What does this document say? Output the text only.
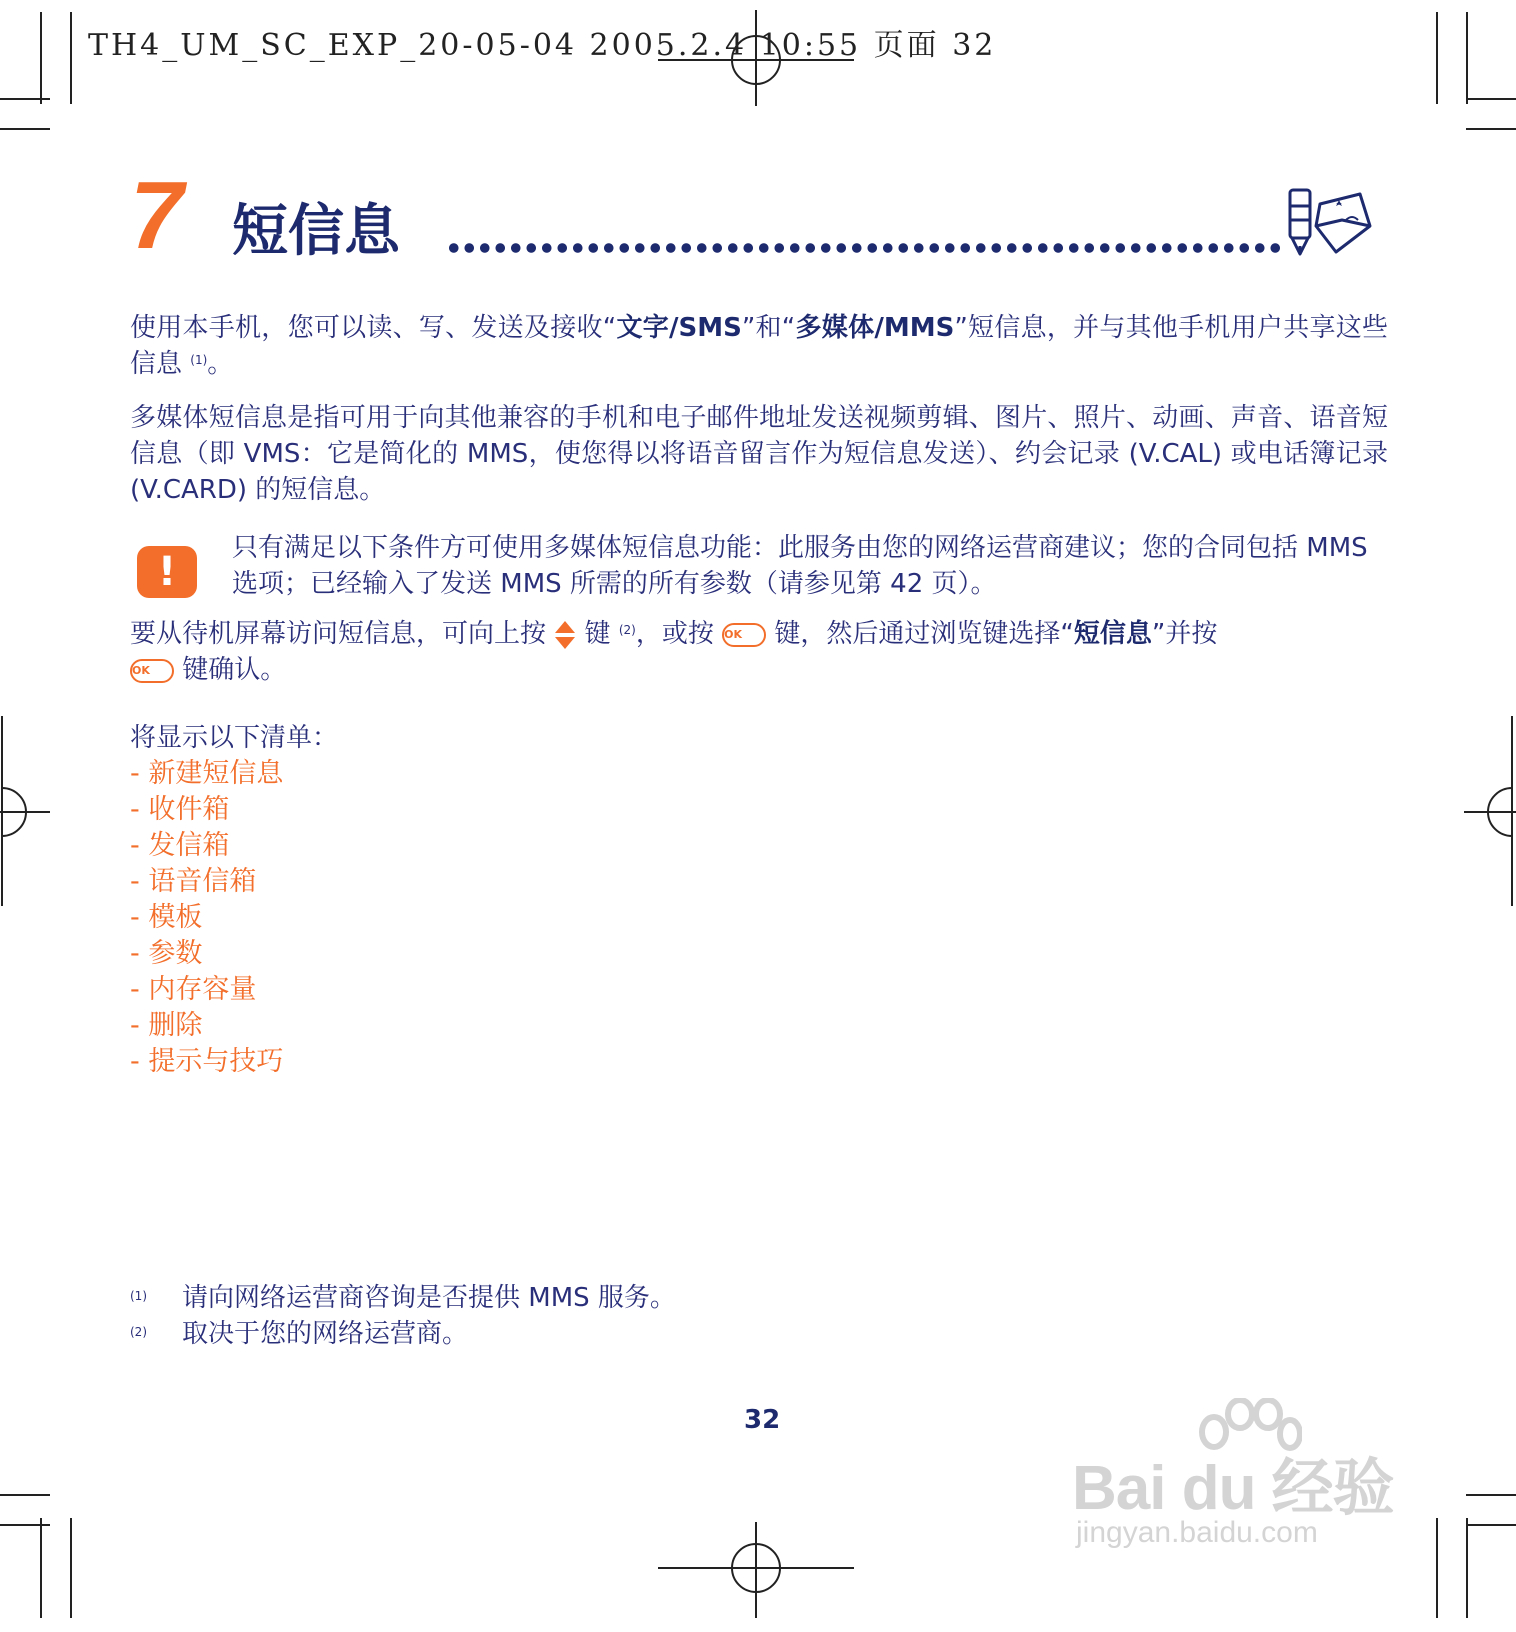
TH4_UM_SC_EXP_20-05-04 2005.2.4 10:55 页面 32
7 短信息
使用本手机，您可以读、写、发送及接收“文字/SMS”和“多媒体/MMS”短信息，并与其他手机用户共享这些信息 $^{(1)}$。
多媒体短信息是指可用于向其他兼容的手机和电子邮件地址发送视频剪辑、图片、照片、动画、声音、语音短信息（即 VMS：它是简化的 MMS，使您得以将语音留言作为短信息发送）、约会记录 (V.CAL) 或电话簿记录 (V.CARD) 的短信息。
!
只有满足以下条件方可使用多媒体短信息功能：此服务由您的网络运营商建议；您的合同包括 MMS 选项；已经输入了发送 MMS 所需的所有参数（请参见第 42 页）。
要从待机屏幕访问短信息，可向上按 键 $^{(2)}$，或按 OK 键，然后通过浏览键选择“短信息”并按
OK 键确认。
将显示以下清单：
- 新建短信息
- 收件箱
- 发信箱
- 语音信箱
- 模板
- 参数
- 内存容量
- 删除
- 提示与技巧
(1) 请向网络运营商咨询是否提供 MMS 服务。
(2) 取决于您的网络运营商。
32
Bai du 经验
jingyan.baidu.com
